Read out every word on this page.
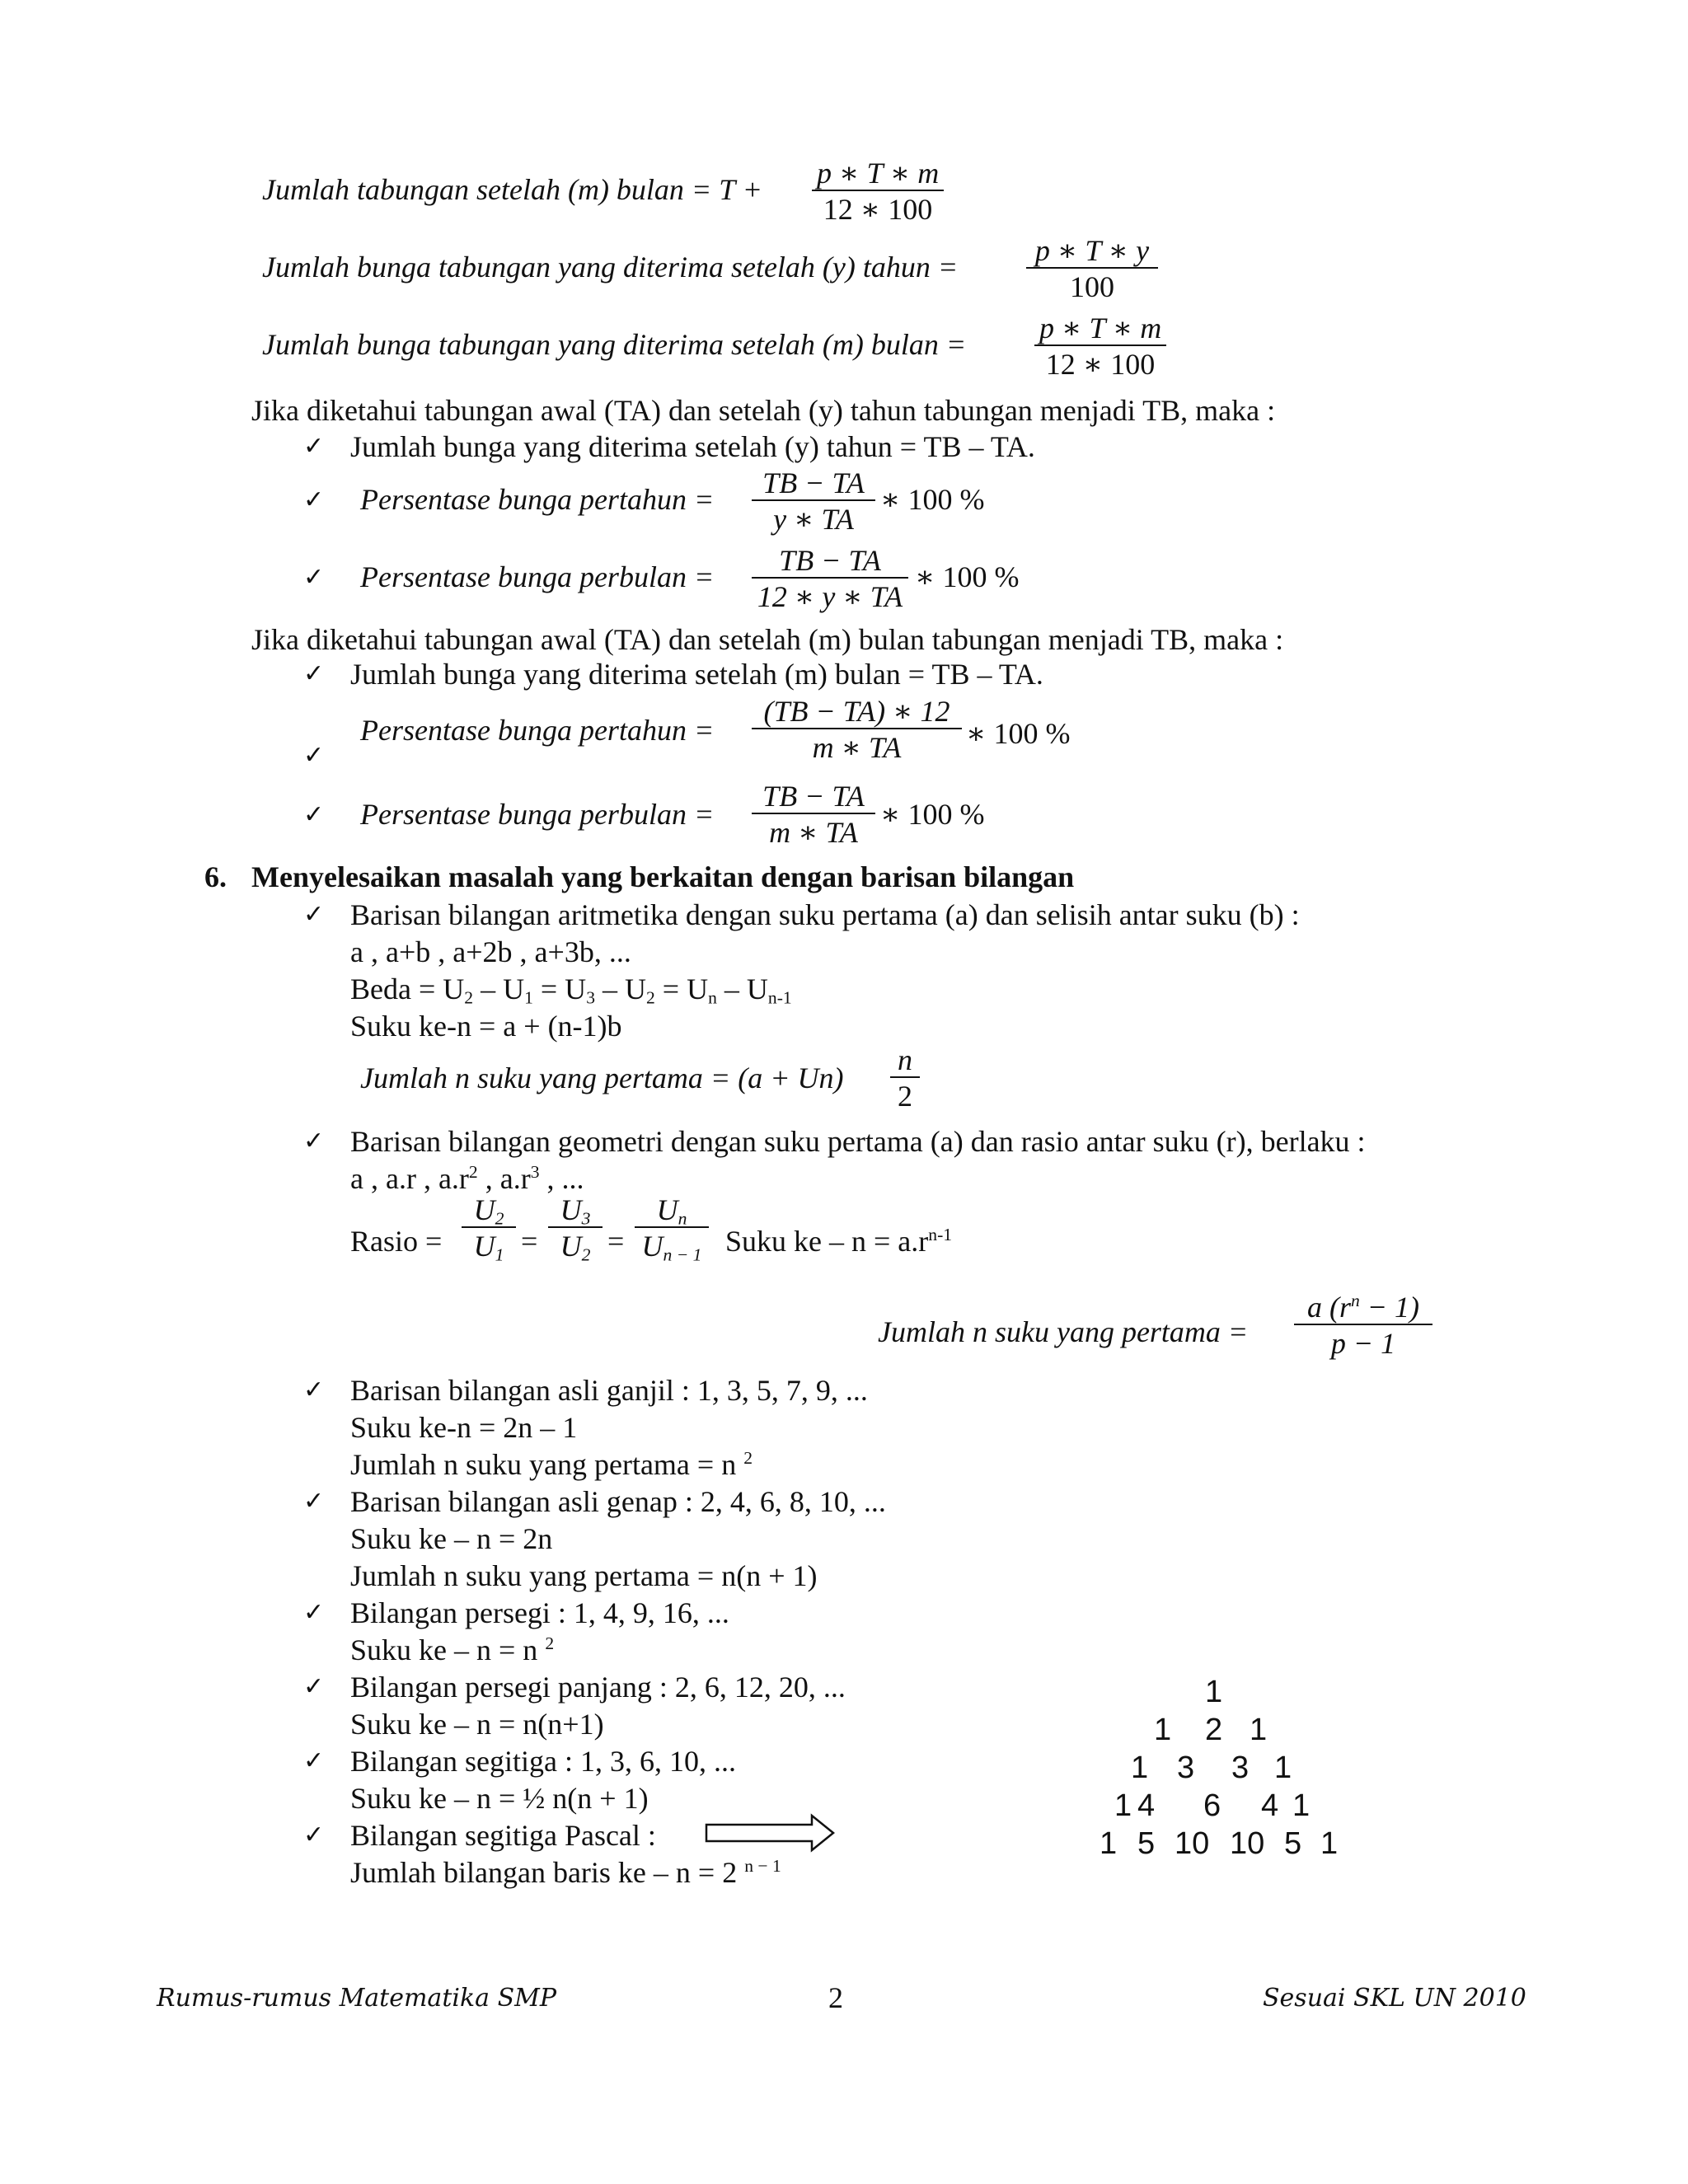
Jumlah tabungan setelah (m) bulan = T + p ∗ T ∗ m
12 ∗ 100
Jumlah bunga tabungan yang diterima setelah (y) tahun =	p ∗ T ∗ y
100
Jumlah bunga tabungan yang diterima setelah (m) bulan = p ∗ T ∗ m
12 ∗ 100
Jika diketahui tabungan awal (TA) dan setelah (y) tahun tabungan menjadi TB, maka :
✓ Jumlah bunga yang diterima setelah (y) tahun = TB – TA.
✓ Persentase bunga pertahun =	TB − TA
y ∗ TA
∗ 100 %
✓ Persentase bunga perbulan =	TB − TA
12 ∗ y ∗ TA
∗ 100 %
Jika diketahui tabungan awal (TA) dan setelah (m) bulan tabungan menjadi TB, maka :
✓ Jumlah bunga yang diterima setelah (m) bulan = TB – TA.
✓
Persentase bunga pertahun =
(TB − TA) ∗ 12
m ∗ TA	∗ 100 %
✓ Persentase bunga perbulan =
TB − TA
m ∗ TA
∗ 100 %
6. Menyelesaikan masalah yang berkaitan dengan barisan bilangan
✓ Barisan bilangan aritmetika dengan suku pertama (a) dan selisih antar suku (b) :
a , a+b , a+2b , a+3b, ...
Beda = $U_2 - U_1 = U_3 - U_2 = U_n - U_{n-1}$
Suku ke-n = a + (n-1)b
Jumlah n suku yang pertama = (a + Un)
n
2
✓ Barisan bilangan geometri dengan suku pertama (a) dan rasio antar suku (r), berlaku :
a , a.r , $a.r^2$ , $a.r^3$ , ...
Rasio =
$U_2$
$U_1$ =
$U_3$
$U_2$ =
$U_n$
$U_{n - 1}$ Suku ke – $n = a.r^{n-1}$
Jumlah n suku yang pertama =
a $(r^n - 1)$
p − 1
✓ Barisan bilangan asli ganjil : 1, 3, 5, 7, 9, ...
Suku ke-n = 2n – 1
Jumlah n suku yang pertama = n $^2$
✓ Barisan bilangan asli genap : 2, 4, 6, 8, 10, ...
Suku ke – n = 2n
Jumlah n suku yang pertama = n(n + 1)
✓ Bilangan persegi : 1, 4, 9, 16, ...
Suku ke – n = n $^2$
✓ Bilangan persegi panjang : 2, 6, 12, 20, ...
Suku ke – n = n(n+1)
✓ Bilangan segitiga : 1, 3, 6, 10, ...
Suku ke – n = ½ n(n + 1)
✓ Bilangan segitiga Pascal :
Jumlah bilangan baris ke – n = 2 $^{n - 1}$
1
1 2 1
1 3 3 1
1 4 6 4 1
1 5 10 10 5 1
Rumus-rumus Matematika SMP	2	Sesuai SKL UN 2010
